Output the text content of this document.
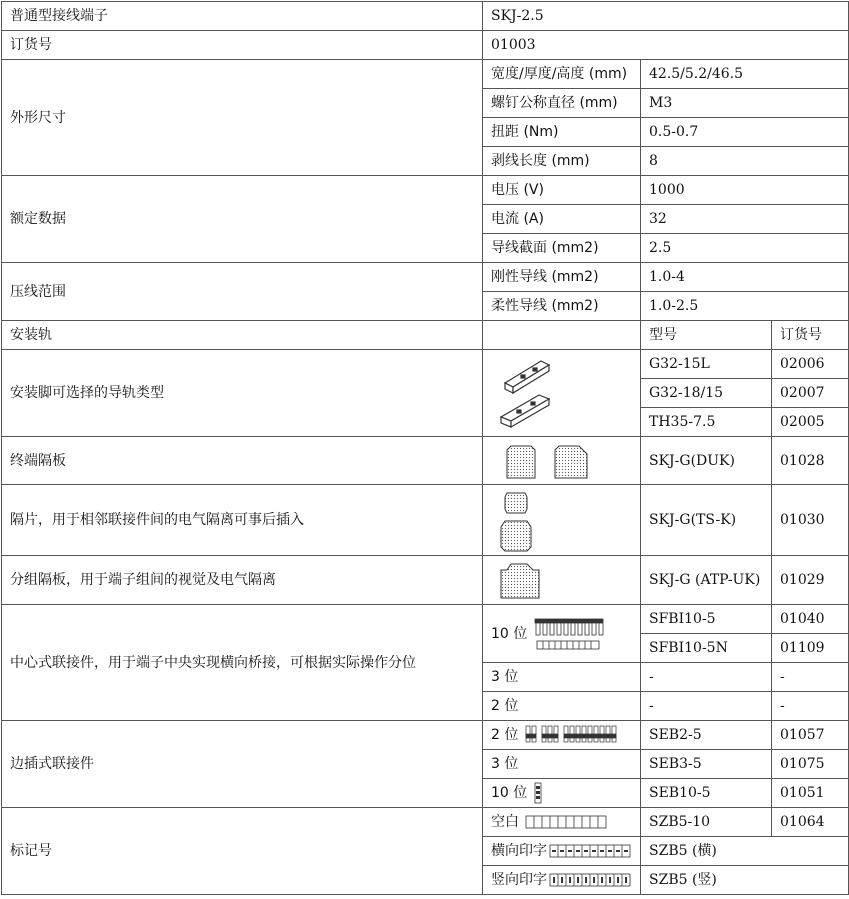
普通型接线端子	SKJ-2.5		
订货号	01003		
外形尺寸	宽度/厚度/高度 (mm)	42.5/5.2/46.5	
	螺钉公称直径 (mm)	M3	
	扭距 (Nm)	0.5-0.7	
	剥线长度 (mm)	8	
额定数据	电压 (V)	1000	
	电流 (A)	32	
	导线截面 (mm2)	2.5	
压线范围	刚性导线 (mm2)	1.0-4	
	柔性导线 (mm2)	1.0-2.5	
安装轨		型号	订货号
安装脚可选择的导轨类型		G32-15L	02006
		G32-18/15	02007
		TH35-7.5	02005
终端隔板		SKJ-G(DUK)	01028
隔片，用于相邻联接件间的电气隔离可事后插入		SKJ-G(TS-K)	01030
分组隔板，用于端子组间的视觉及电气隔离		SKJ-G (ATP-UK)	01029
中心式联接件，用于端子中央实现横向桥接，可根据实际操作分位	10 位	SFBI10-5	01040
		SFBI10-5N	01109
	3 位	-	-
	2 位	-	-
边插式联接件	2 位	SEB2-5	01057
	3 位	SEB3-5	01075

	10 位	SEB10-5	01051
标记号	空白	SZB5-10	01064

	横向印字	SZB5 (横)	

	竖向印字	SZB5 (竖)	
